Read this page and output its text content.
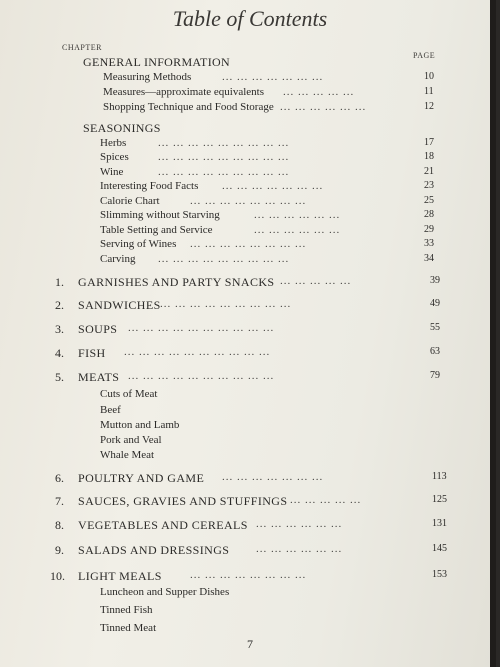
Table of Contents
CHAPTER
PAGE
GENERAL INFORMATION
Measuring Methods	... ... ... ... ... ... ...	10
Measures—approximate equivalents ... ... ... ... ...	11
Shopping Technique and Food Storage ... ... ... ... ... ...	12
SEASONINGS
Herbs	... ... ... ... ... ... ... ... ...	17
Spices	... ... ... ... ... ... ... ... ...	18
Wine	... ... ... ... ... ... ... ... ...	21
Interesting Food Facts ... ... ... ... ... ... ...	23
Calorie Chart	... ... ... ... ... ... ... ...	25
Slimming without Starving	... ... ... ... ... ...	28
Table Setting and Service	... ... ... ... ... ...	29
Serving of Wines ... ... ... ... ... ... ... ...	33
Carving ... ... ... ... ... ... ... ... ...	34
1. GARNISHES AND PARTY SNACKS ... ... ... ... ...	39
2. SANDWICHES ... ... ... ... ... ... ... ... ...	49
3. SOUPS ... ... ... ... ... ... ... ... ... ...	55
4. FISH ... ... ... ... ... ... ... ... ... ...	63
5. MEATS ... ... ... ... ... ... ... ... ... ...	79
Cuts of Meat
Beef
Mutton and Lamb
Pork and Veal
Whale Meat
6. POULTRY AND GAME ... ... ... ... ... ... ...	113
7. SAUCES, GRAVIES AND STUFFINGS ... ... ... ... ...	125
8. VEGETABLES AND CEREALS ... ... ... ... ... ...	131
9. SALADS AND DRESSINGS ... ... ... ... ... ...	145
10. LIGHT MEALS	... ... ... ... ... ... ... ...	153
Luncheon and Supper Dishes
Tinned Fish
Tinned Meat
7
